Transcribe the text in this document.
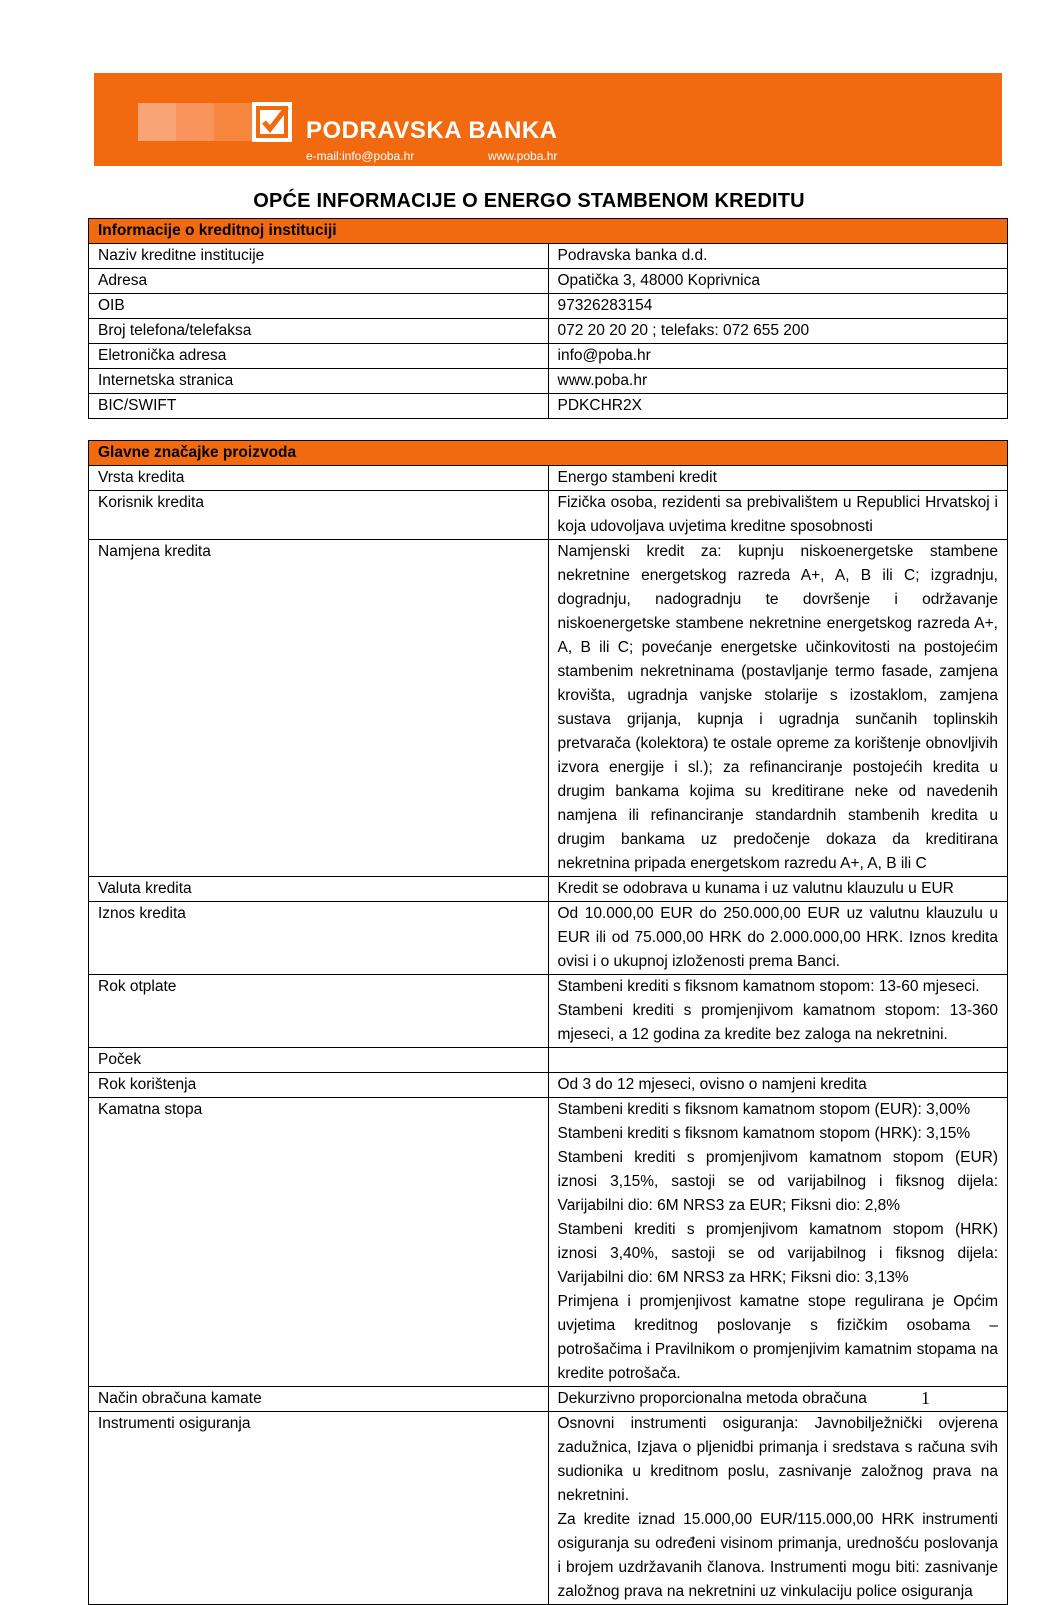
PODRAVSKA BANKA
e-mail:info@poba.hr	www.poba.hr
OPĆE INFORMACIJE O ENERGO STAMBENOM KREDITU
Informacije o kreditnoj instituciji	
Naziv kreditne institucije	Podravska banka d.d.
Adresa	Opatička 3, 48000 Koprivnica
OIB	97326283154
Broj telefona/telefaksa	072 20 20 20 ; telefaks: 072 655 200
Eletronička adresa	info@poba.hr
Internetska stranica	www.poba.hr
BIC/SWIFT	PDKCHR2X
Glavne značajke proizvoda	
Vrsta kredita	Energo stambeni kredit

Korisnik kredita	Fizička osoba, rezidenti sa prebivalištem u Republici Hrvatskoj i koja udovoljava uvjetima kreditne sposobnosti

Namjena kredita	Namjenski kredit za: kupnju niskoenergetske stambene nekretnine energetskog razreda A+, A, B ili C; izgradnju, dogradnju, nadogradnju te dovršenje i održavanje niskoenergetske stambene nekretnine energetskog razreda A+, A, B ili C; povećanje energetske učinkovitosti na postojećim stambenim nekretninama (postavljanje termo fasade, zamjena krovišta, ugradnja vanjske stolarije s izostaklom, zamjena sustava grijanja, kupnja i ugradnja sunčanih toplinskih pretvarača (kolektora) te ostale opreme za korištenje obnovljivih izvora energije i sl.); za refinanciranje postojećih kredita u drugim bankama kojima su kreditirane neke od navedenih namjena ili refinanciranje standardnih stambenih kredita u drugim bankama uz predočenje dokaza da kreditirana nekretnina pripada energetskom razredu A+, A, B ili C

Valuta kredita	Kredit se odobrava u kunama i uz valutnu klauzulu u EUR

Iznos kredita	Od 10.000,00 EUR do 250.000,00 EUR uz valutnu klauzulu u EUR ili od 75.000,00 HRK do 2.000.000,00 HRK. Iznos kredita ovisi i o ukupnoj izloženosti prema Banci.

Rok otplate	Stambeni krediti s fiksnom kamatnom stopom: 13-60 mjeseci.

Stambeni krediti s promjenjivom kamatnom stopom: 13-360 mjeseci, a 12 godina za kredite bez zaloga na nekretnini.

Poček	

Rok korištenja	Od 3 do 12 mjeseci, ovisno o namjeni kredita

Kamatna stopa	Stambeni krediti s fiksnom kamatnom stopom (EUR): 3,00%

Stambeni krediti s fiksnom kamatnom stopom (HRK): 3,15%

Stambeni krediti s promjenjivom kamatnom stopom (EUR) iznosi 3,15%, sastoji se od varijabilnog i fiksnog dijela: Varijabilni dio: 6M NRS3 za EUR; Fiksni dio: 2,8%

Stambeni krediti s promjenjivom kamatnom stopom (HRK) iznosi 3,40%, sastoji se od varijabilnog i fiksnog dijela: Varijabilni dio: 6M NRS3 za HRK; Fiksni dio: 3,13%

Primjena i promjenjivost kamatne stope regulirana je Općim uvjetima kreditnog poslovanje s fizičkim osobama – potrošačima i Pravilnikom o promjenjivim kamatnim stopama na kredite potrošača.

Način obračuna kamate	Dekurzivno proporcionalna metoda obračuna

Instrumenti osiguranja	Osnovni instrumenti osiguranja: Javnobilježnički ovjerena zadužnica, Izjava o pljenidbi primanja i sredstava s računa svih sudionika u kreditnom poslu, zasnivanje založnog prava na nekretnini.

Za kredite iznad 15.000,00 EUR/115.000,00 HRK instrumenti osiguranja su određeni visinom primanja, urednošću poslovanja i brojem uzdržavanih članova. Instrumenti mogu biti: zasnivanje založnog prava na nekretnini uz vinkulaciju police osiguranja

1
